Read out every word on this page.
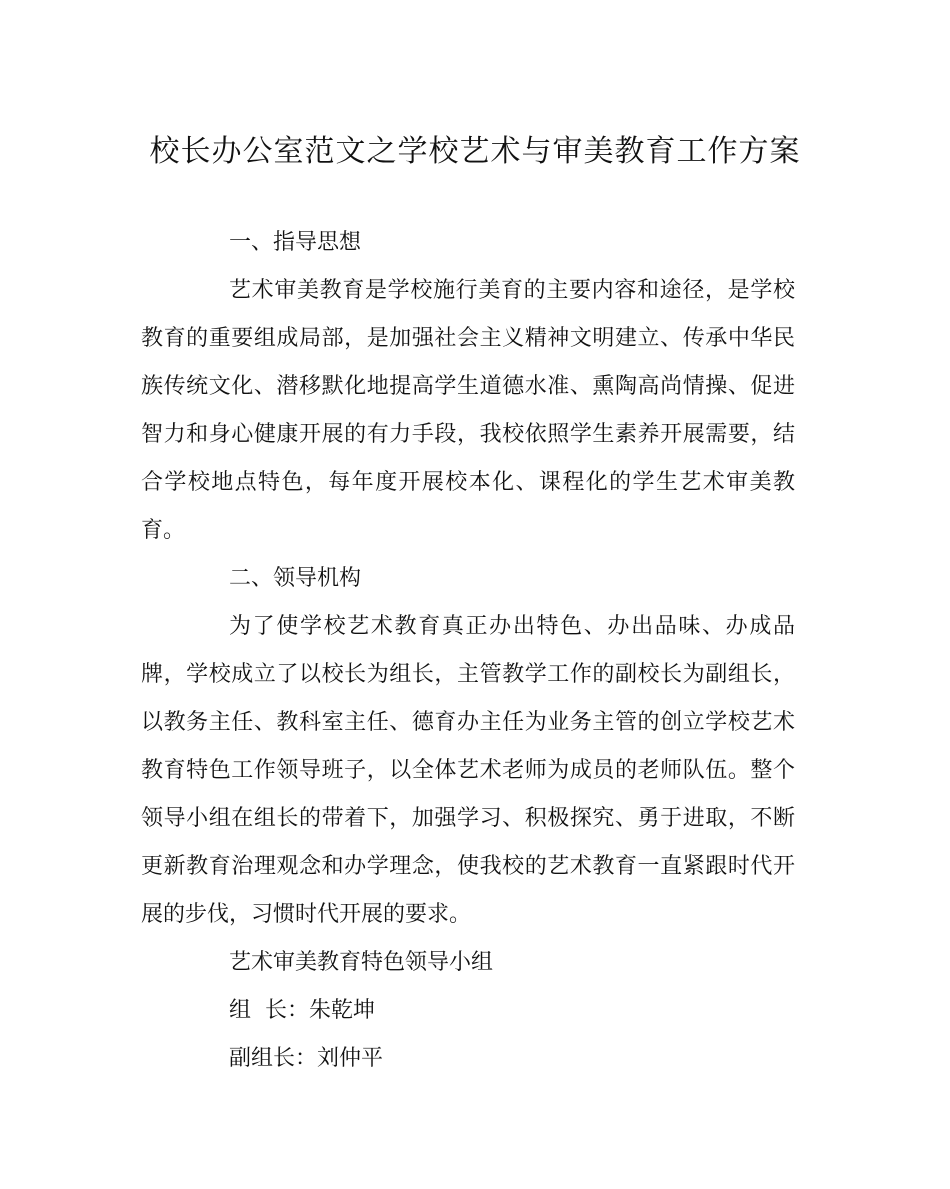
校长办公室范文之学校艺术与审美教育工作方案

一、指导思想

艺术审美教育是学校施行美育的主要内容和途径，是学校教育的重要组成局部，是加强社会主义精神文明建立、传承中华民族传统文化、潜移默化地提高学生道德水准、熏陶高尚情操、促进智力和身心健康开展的有力手段，我校依照学生素养开展需要，结合学校地点特色，每年度开展校本化、课程化的学生艺术审美教育。

二、领导机构

为了使学校艺术教育真正办出特色、办出品味、办成品牌，学校成立了以校长为组长，主管教学工作的副校长为副组长，以教务主任、教科室主任、德育办主任为业务主管的创立学校艺术教育特色工作领导班子，以全体艺术老师为成员的老师队伍。整个领导小组在组长的带着下，加强学习、积极探究、勇于进取，不断更新教育治理观念和办学理念，使我校的艺术教育一直紧跟时代开展的步伐，习惯时代开展的要求。

艺术审美教育特色领导小组

组  长：朱乾坤

副组长：刘仲平
